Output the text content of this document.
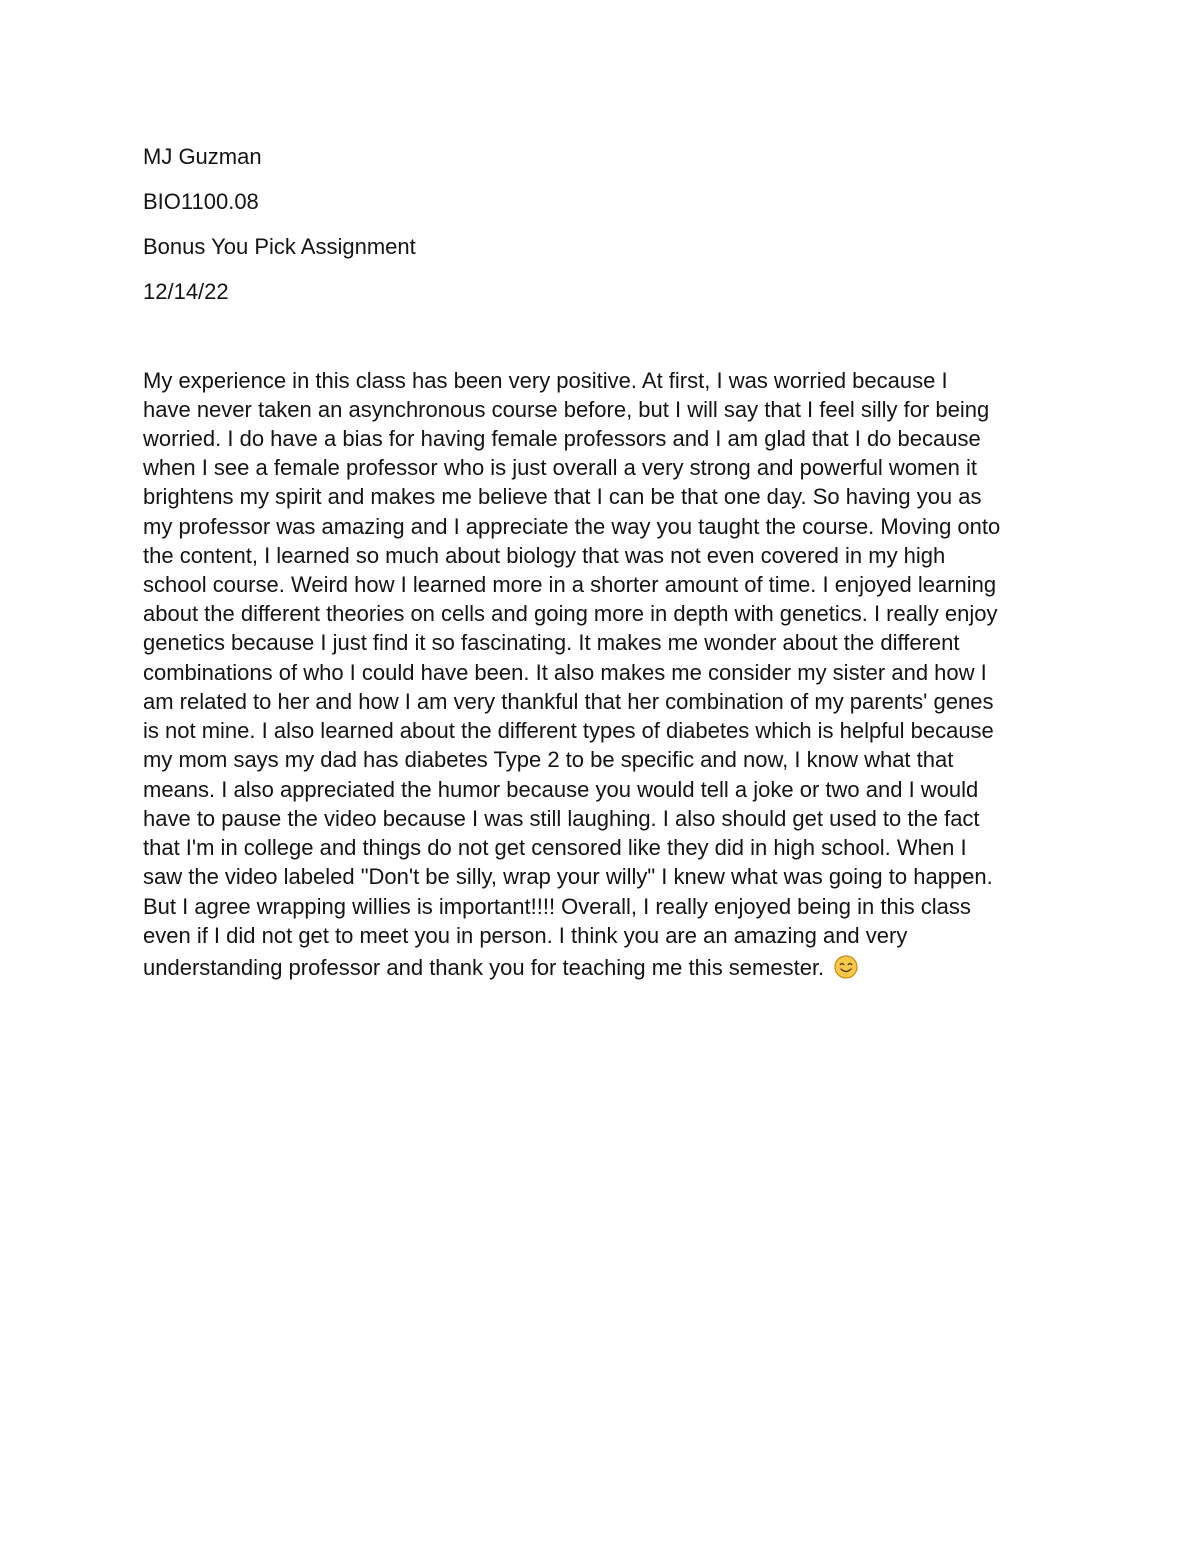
MJ Guzman
BIO1100.08
Bonus You Pick Assignment
12/14/22
My experience in this class has been very positive. At first, I was worried because I
have never taken an asynchronous course before, but I will say that I feel silly for being
worried. I do have a bias for having female professors and I am glad that I do because
when I see a female professor who is just overall a very strong and powerful women it
brightens my spirit and makes me believe that I can be that one day. So having you as
my professor was amazing and I appreciate the way you taught the course. Moving onto
the content, I learned so much about biology that was not even covered in my high
school course. Weird how I learned more in a shorter amount of time. I enjoyed learning
about the different theories on cells and going more in depth with genetics. I really enjoy
genetics because I just find it so fascinating. It makes me wonder about the different
combinations of who I could have been. It also makes me consider my sister and how I
am related to her and how I am very thankful that her combination of my parents' genes
is not mine. I also learned about the different types of diabetes which is helpful because
my mom says my dad has diabetes Type 2 to be specific and now, I know what that
means. I also appreciated the humor because you would tell a joke or two and I would
have to pause the video because I was still laughing. I also should get used to the fact
that I'm in college and things do not get censored like they did in high school. When I
saw the video labeled "Don't be silly, wrap your willy" I knew what was going to happen.
But I agree wrapping willies is important!!!! Overall, I really enjoyed being in this class
even if I did not get to meet you in person. I think you are an amazing and very
understanding professor and thank you for teaching me this semester.
